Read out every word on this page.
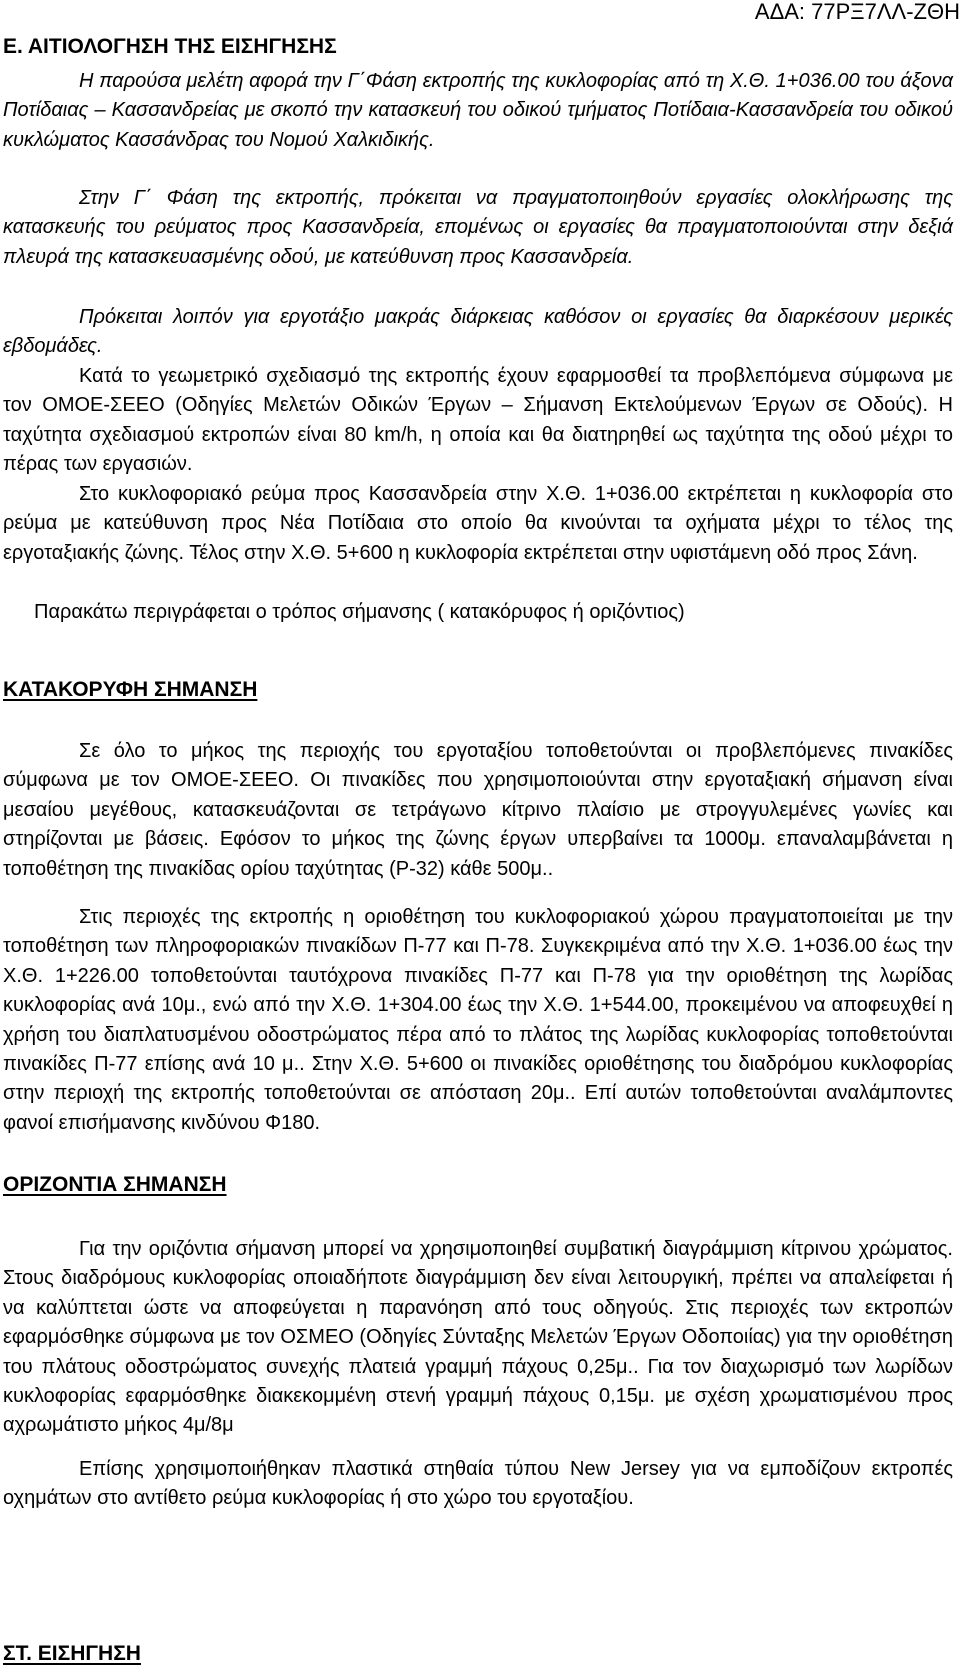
ΑΔΑ: 77ΡΞ7ΛΛ-ΖΘΗ
Ε. ΑΙΤΙΟΛΟΓΗΣΗ ΤΗΣ ΕΙΣΗΓΗΣΗΣ

Η παρούσα μελέτη αφορά την Γ΄Φάση εκτροπής της κυκλοφορίας από τη Χ.Θ. 1+036.00 του άξονα Ποτίδαιας – Κασσανδρείας με σκοπό την κατασκευή του οδικού τμήματος Ποτίδαια-Κασσανδρεία του οδικού κυκλώματος Κασσάνδρας του Νομού Χαλκιδικής.

Στην Γ΄ Φάση της εκτροπής, πρόκειται να πραγματοποιηθούν εργασίες ολοκλήρωσης της κατασκευής του ρεύματος προς Κασσανδρεία, επομένως οι εργασίες θα πραγματοποιούνται στην δεξιά πλευρά της κατασκευασμένης οδού, με κατεύθυνση προς Κασσανδρεία.

Πρόκειται λοιπόν για εργοτάξιο μακράς διάρκειας καθόσον οι εργασίες θα διαρκέσουν μερικές εβδομάδες.

Κατά το γεωμετρικό σχεδιασμό της εκτροπής έχουν εφαρμοσθεί τα προβλεπόμενα σύμφωνα με τον ΟΜΟΕ-ΣΕΕΟ (Οδηγίες Μελετών Οδικών Έργων – Σήμανση Εκτελούμενων Έργων σε Οδούς). Η ταχύτητα σχεδιασμού εκτροπών είναι 80 km/h, η οποία και θα διατηρηθεί ως ταχύτητα της οδού μέχρι το πέρας των εργασιών.

Στο κυκλοφοριακό ρεύμα προς Κασσανδρεία στην Χ.Θ. 1+036.00 εκτρέπεται η κυκλοφορία στο ρεύμα με κατεύθυνση προς Νέα Ποτίδαια στο οποίο θα κινούνται τα οχήματα μέχρι το τέλος της εργοταξιακής ζώνης. Τέλος στην Χ.Θ. 5+600 η κυκλοφορία εκτρέπεται στην υφιστάμενη οδό προς Σάνη.

Παρακάτω περιγράφεται ο τρόπος σήμανσης ( κατακόρυφος ή οριζόντιος)

ΚΑΤΑΚΟΡΥΦΗ ΣΗΜΑΝΣΗ

Σε όλο το μήκος της περιοχής του εργοταξίου τοποθετούνται οι προβλεπόμενες πινακίδες σύμφωνα με τον ΟΜΟΕ-ΣΕΕΟ. Οι πινακίδες που χρησιμοποιούνται στην εργοταξιακή σήμανση είναι μεσαίου μεγέθους, κατασκευάζονται σε τετράγωνο κίτρινο πλαίσιο με στρογγυλεμένες γωνίες και στηρίζονται με βάσεις. Εφόσον το μήκος της ζώνης έργων υπερβαίνει τα 1000μ. επαναλαμβάνεται η τοποθέτηση της πινακίδας ορίου ταχύτητας (Ρ-32) κάθε 500μ..

Στις περιοχές της εκτροπής η οριοθέτηση του κυκλοφοριακού χώρου πραγματοποιείται με την τοποθέτηση των πληροφοριακών πινακίδων Π-77 και Π-78. Συγκεκριμένα από την Χ.Θ. 1+036.00 έως την Χ.Θ. 1+226.00 τοποθετούνται ταυτόχρονα πινακίδες Π-77 και Π-78 για την οριοθέτηση της λωρίδας κυκλοφορίας ανά 10μ., ενώ από την Χ.Θ. 1+304.00 έως την Χ.Θ. 1+544.00, προκειμένου να αποφευχθεί η χρήση του διαπλατυσμένου οδοστρώματος πέρα από το πλάτος της λωρίδας κυκλοφορίας τοποθετούνται πινακίδες Π-77 επίσης ανά 10 μ.. Στην Χ.Θ. 5+600 οι πινακίδες οριοθέτησης του διαδρόμου κυκλοφορίας στην περιοχή της εκτροπής τοποθετούνται σε απόσταση 20μ.. Επί αυτών τοποθετούνται αναλάμποντες φανοί επισήμανσης κινδύνου Φ180.

ΟΡΙΖΟΝΤΙΑ ΣΗΜΑΝΣΗ

Για την οριζόντια σήμανση μπορεί να χρησιμοποιηθεί συμβατική διαγράμμιση κίτρινου χρώματος. Στους διαδρόμους κυκλοφορίας οποιαδήποτε διαγράμμιση δεν είναι λειτουργική, πρέπει να απαλείφεται ή να καλύπτεται ώστε να αποφεύγεται η παρανόηση από τους οδηγούς. Στις περιοχές των εκτροπών εφαρμόσθηκε σύμφωνα με τον ΟΣΜΕΟ (Οδηγίες Σύνταξης Μελετών Έργων Οδοποιίας) για την οριοθέτηση του πλάτους οδοστρώματος συνεχής πλατειά γραμμή πάχους 0,25μ.. Για τον διαχωρισμό των λωρίδων κυκλοφορίας εφαρμόσθηκε διακεκομμένη στενή γραμμή πάχους 0,15μ. με σχέση χρωματισμένου προς αχρωμάτιστο μήκος 4μ/8μ

Επίσης χρησιμοποιήθηκαν πλαστικά στηθαία τύπου New Jersey για να εμποδίζουν εκτροπές οχημάτων στο αντίθετο ρεύμα κυκλοφορίας ή στο χώρο του εργοταξίου.

ΣΤ. ΕΙΣΗΓΗΣΗ
